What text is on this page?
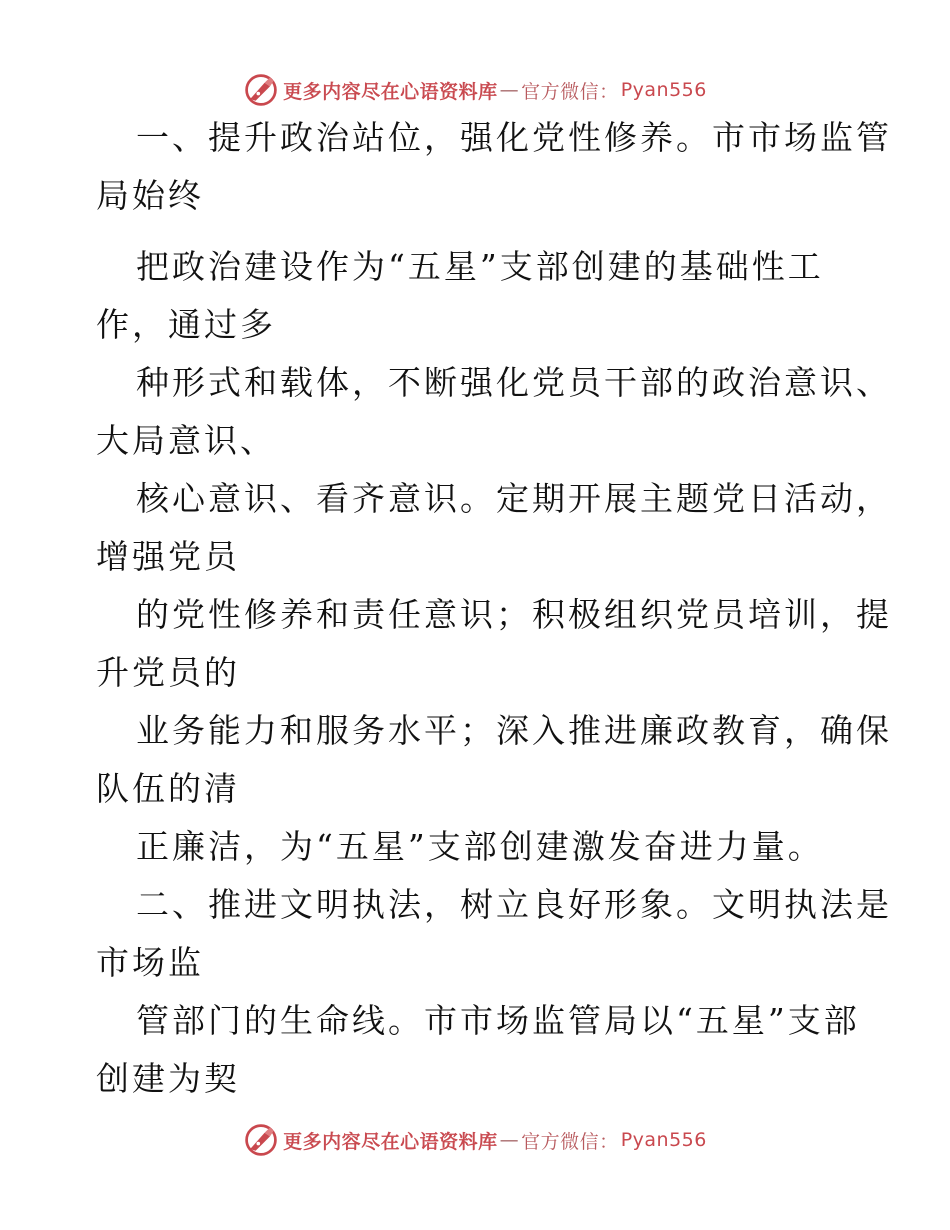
更多内容尽在心语资料库 — 官方微信： Pyan556
一、提升政治站位，强化党性修养。市市场监管
局始终
把政治建设作为“五星”支部创建的基础性工
作，通过多
种形式和载体，不断强化党员干部的政治意识、
大局意识、
核心意识、看齐意识。定期开展主题党日活动，
增强党员
的党性修养和责任意识；积极组织党员培训，提
升党员的
业务能力和服务水平；深入推进廉政教育，确保
队伍的清
正廉洁，为“五星”支部创建激发奋进力量。
二、推进文明执法，树立良好形象。文明执法是
市场监
管部门的生命线。市市场监管局以“五星”支部
创建为契
更多内容尽在心语资料库 — 官方微信： Pyan556
